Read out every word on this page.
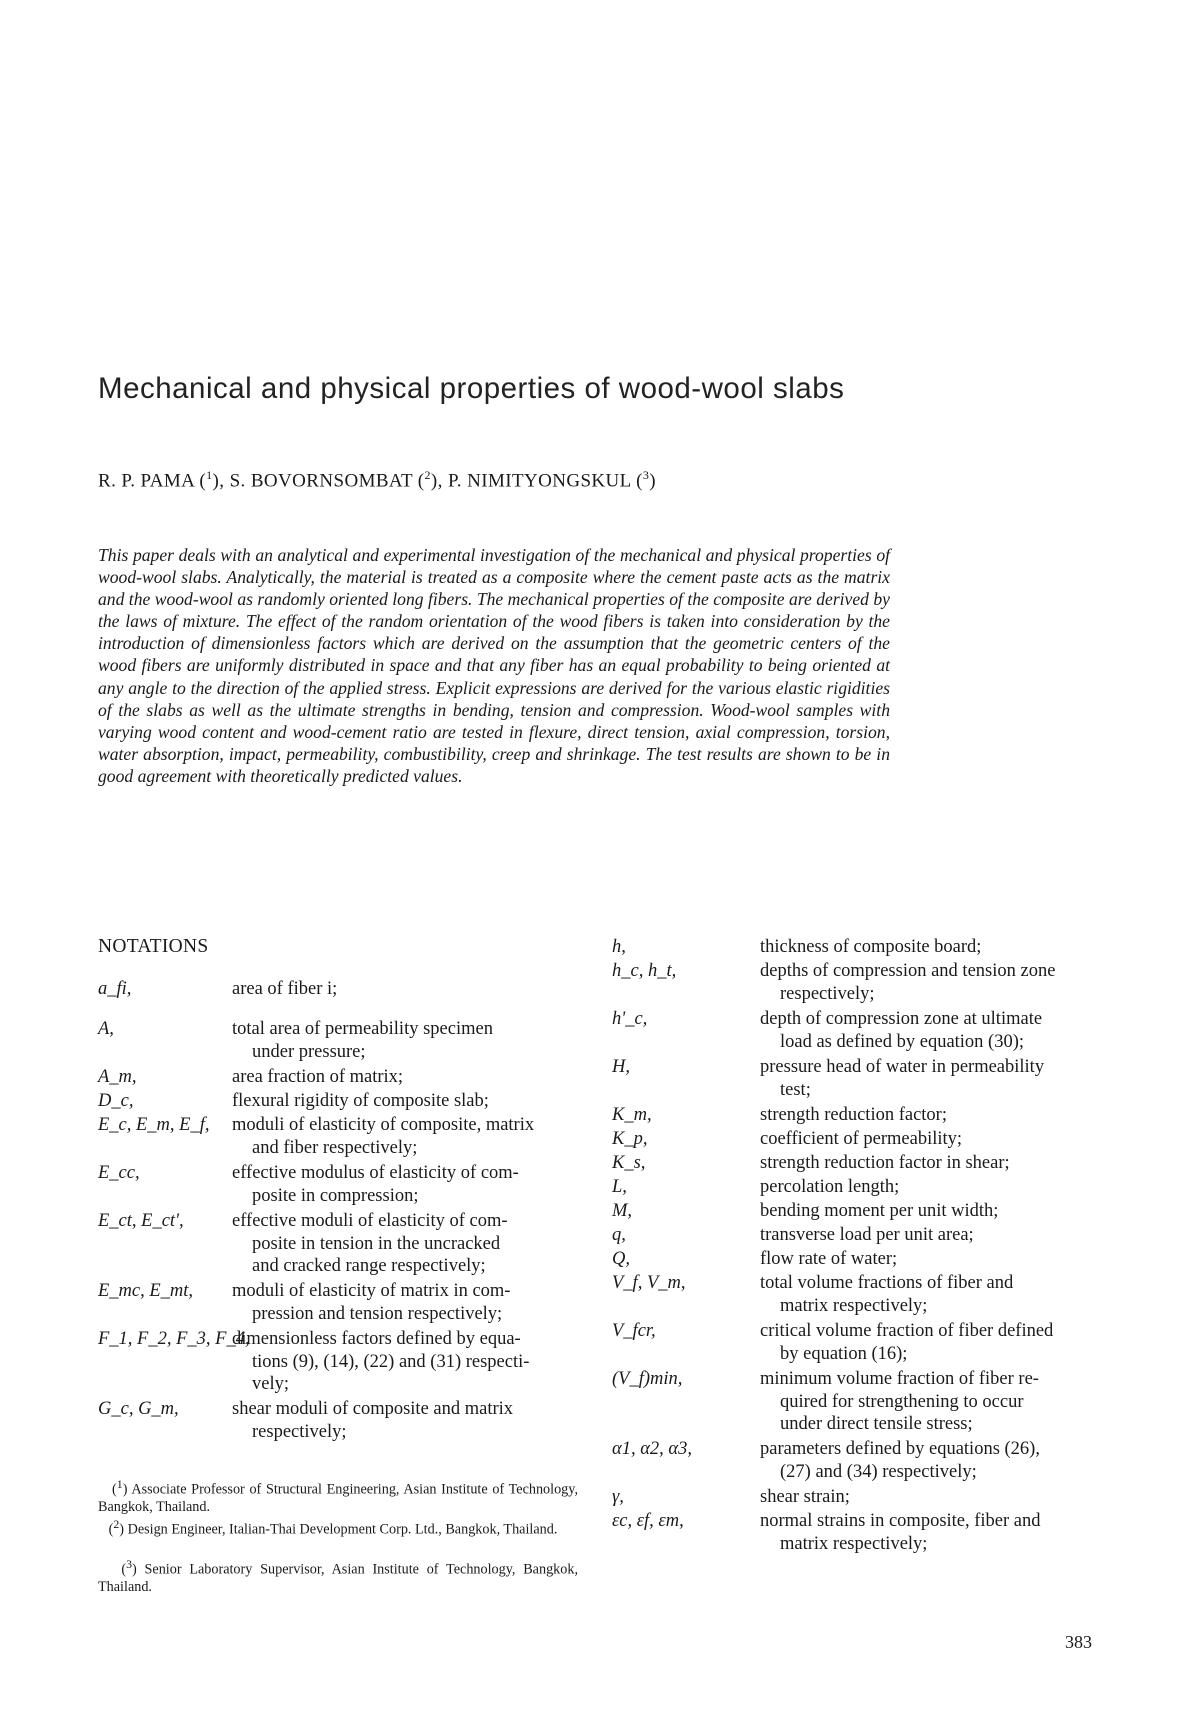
Mechanical and physical properties of wood-wool slabs
R. P. PAMA ($^1$), S. BOVORNSOMBAT ($^2$), P. NIMITYONGSKUL ($^3$)
This paper deals with an analytical and experimental investigation of the mechanical and physical properties of wood-wool slabs. Analytically, the material is treated as a composite where the cement paste acts as the matrix and the wood-wool as randomly oriented long fibers. The mechanical properties of the composite are derived by the laws of mixture. The effect of the random orientation of the wood fibers is taken into consideration by the introduction of dimensionless factors which are derived on the assumption that the geometric centers of the wood fibers are uniformly distributed in space and that any fiber has an equal probability to being oriented at any angle to the direction of the applied stress. Explicit expressions are derived for the various elastic rigidities of the slabs as well as the ultimate strengths in bending, tension and compression. Wood-wool samples with varying wood content and wood-cement ratio are tested in flexure, direct tension, axial compression, torsion, water absorption, impact, permeability, combustibility, creep and shrinkage. The test results are shown to be in good agreement with theoretically predicted values.
NOTATIONS
a_fi,	area of fiber i;
A,	total area of permeability specimen
under pressure;
A_m,	area fraction of matrix;
D_c,	flexural rigidity of composite slab;
E_c, E_m, E_f, moduli of elasticity of composite, matrix
and fiber respectively;
E_cc,	effective modulus of elasticity of com-
posite in compression;
E_ct, E_ct',	effective moduli of elasticity of com-
posite in tension in the uncracked
and cracked range respectively;
E_mc, E_mt, moduli of elasticity of matrix in com-
pression and tension respectively;
F_1, F_2, F_3, F_4,
dimensionless factors defined by equa-
tions (9), (14), (22) and (31) respecti-
vely;
G_c, G_m,	shear moduli of composite and matrix
respectively;
h,	thickness of composite board;
h_c, h_t,	depths of compression and tension zone
respectively;
h'_c,	depth of compression zone at ultimate
load as defined by equation (30);
H,	pressure head of water in permeability
test;
K_m,	strength reduction factor;
K_p,	coefficient of permeability;
K_s,	strength reduction factor in shear;
L,	percolation length;
M,	bending moment per unit width;
q,	transverse load per unit area;
Q,	flow rate of water;
V_f, V_m,	total volume fractions of fiber and
matrix respectively;
V_fcr,	critical volume fraction of fiber defined
by equation (16);
(V_f)min,	minimum volume fraction of fiber re-
quired for strengthening to occur
under direct tensile stress;
α1, α2, α3,	parameters defined by equations (26),
(27) and (34) respectively;
γ,	shear strain;
εc, εf, εm,	normal strains in composite, fiber and
matrix respectively;
($^1$) Associate Professor of Structural Engineering, Asian Institute of Technology, Bangkok, Thailand.
($^2$) Design Engineer, Italian-Thai Development Corp. Ltd., Bangkok, Thailand.
($^3$) Senior Laboratory Supervisor, Asian Institute of Technology, Bangkok, Thailand.
383
